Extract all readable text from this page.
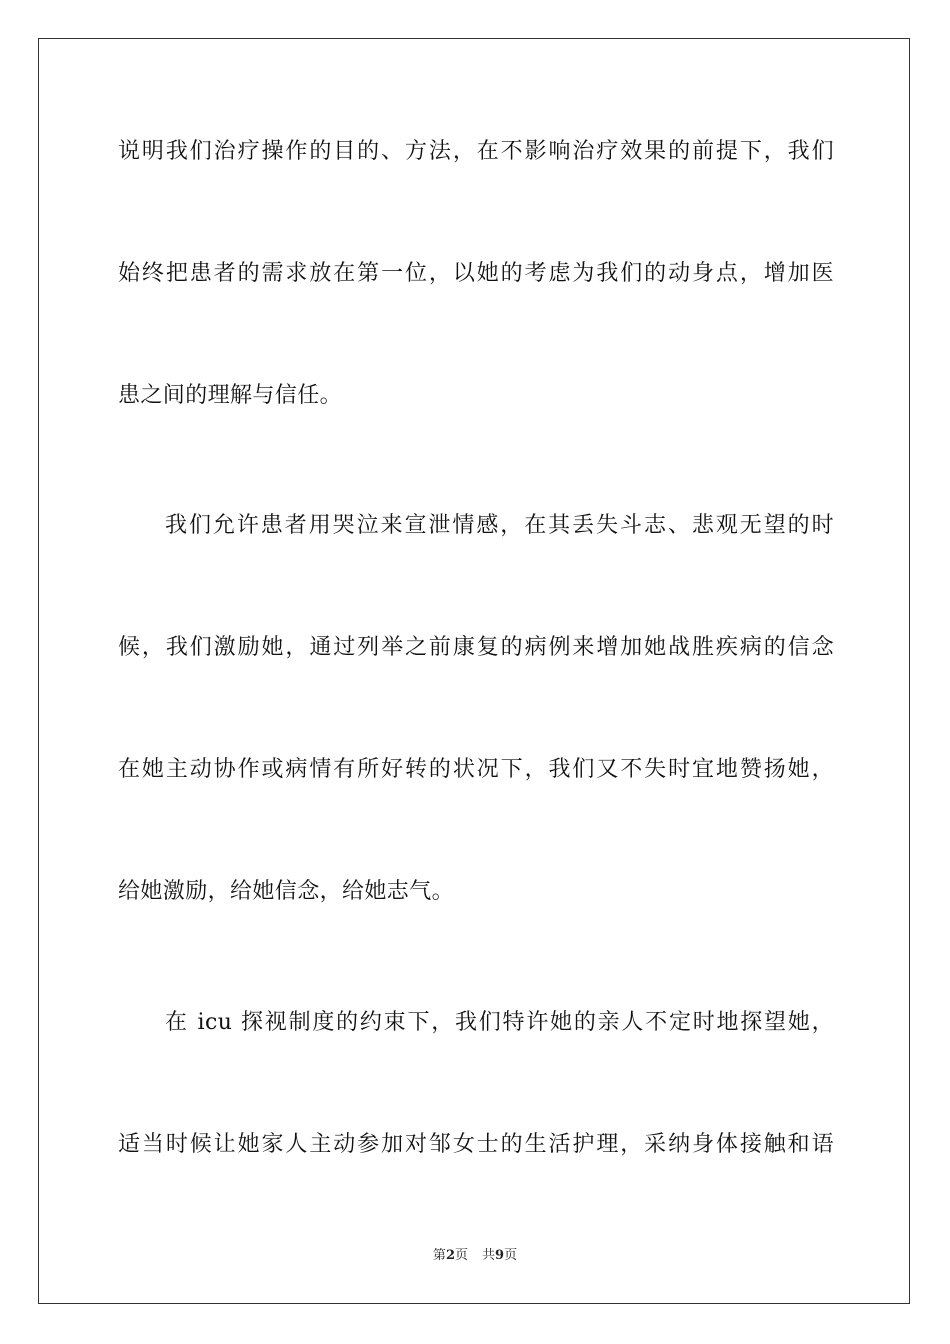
说明我们治疗操作的目的、方法，在不影响治疗效果的前提下，我们
始终把患者的需求放在第一位，以她的考虑为我们的动身点，增加医
患之间的理解与信任。
我们允许患者用哭泣来宣泄情感，在其丢失斗志、悲观无望的时
候，我们激励她，通过列举之前康复的病例来增加她战胜疾病的信念
在她主动协作或病情有所好转的状况下，我们又不失时宜地赞扬她，
给她激励，给她信念，给她志气。
在 icu 探视制度的约束下，我们特许她的亲人不定时地探望她，
适当时候让她家人主动参加对邹女士的生活护理，采纳身体接触和语
第2页 共9页
